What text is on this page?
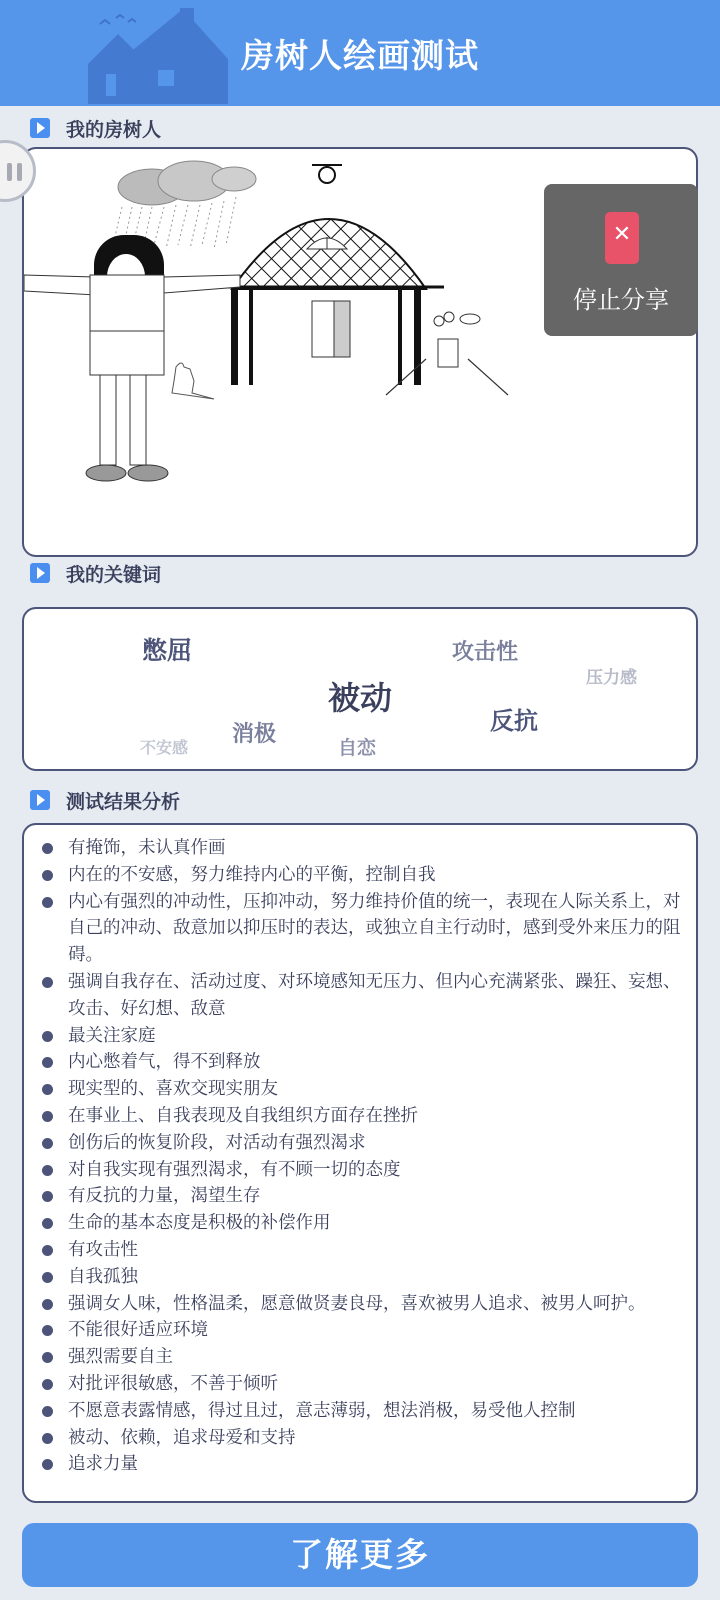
房树人绘画测试
我的房树人
✕
停止分享
我的关键词
憋屈	攻击性
压力感
被动
反抗
消极
不安感	自恋
测试结果分析
有掩饰，未认真作画
内在的不安感，努力维持内心的平衡，控制自我
内心有强烈的冲动性，压抑冲动，努力维持价值的统一，表现在人际关系上，对自己的冲动、敌意加以抑压时的表达，或独立自主行动时，感到受外来压力的阻碍。
强调自我存在、活动过度、对环境感知无压力、但内心充满紧张、躁狂、妄想、攻击、好幻想、敌意
最关注家庭
内心憋着气，得不到释放
现实型的、喜欢交现实朋友
在事业上、自我表现及自我组织方面存在挫折
创伤后的恢复阶段，对活动有强烈渴求
对自我实现有强烈渴求，有不顾一切的态度
有反抗的力量，渴望生存
生命的基本态度是积极的补偿作用
有攻击性
自我孤独
强调女人味，性格温柔，愿意做贤妻良母，喜欢被男人追求、被男人呵护。
不能很好适应环境
强烈需要自主
对批评很敏感，不善于倾听
不愿意表露情感，得过且过，意志薄弱，想法消极，易受他人控制
被动、依赖，追求母爱和支持
追求力量
了解更多
